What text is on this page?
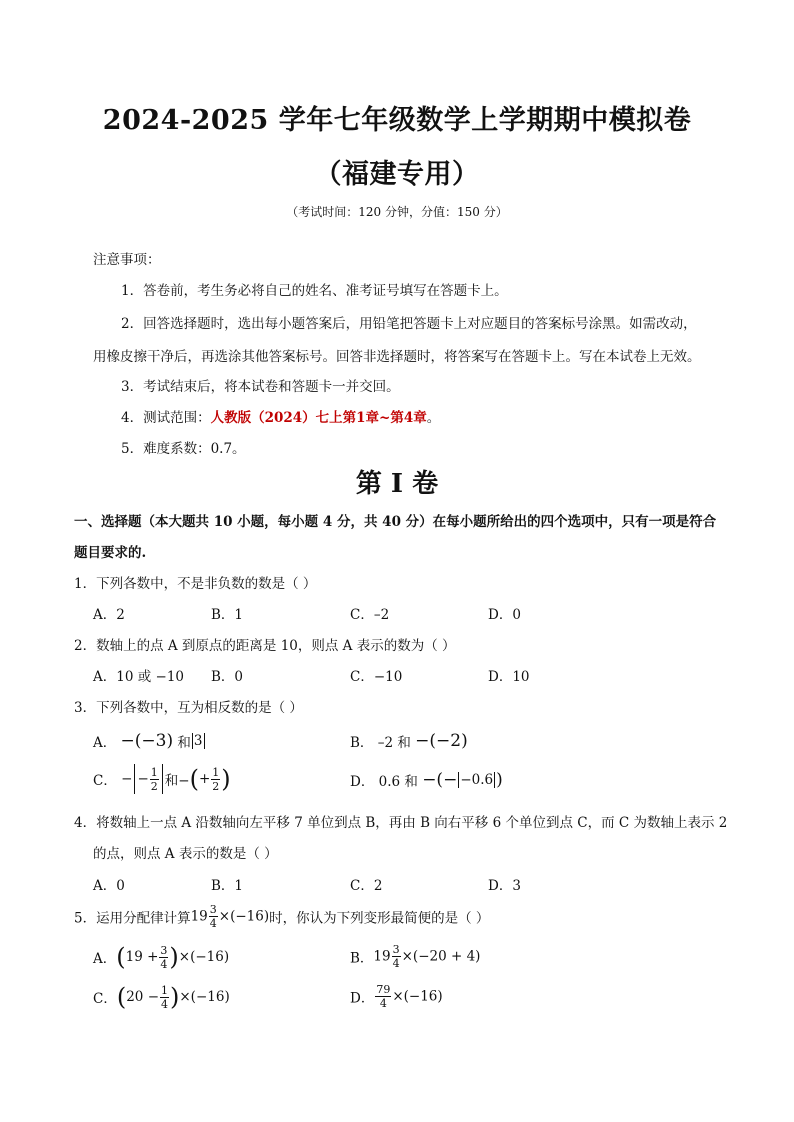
2024-2025 学年七年级数学上学期期中模拟卷
（福建专用）
（考试时间：120 分钟，分值：150 分）
注意事项：
1．答卷前，考生务必将自己的姓名、准考证号填写在答题卡上。
2．回答选择题时，选出每小题答案后，用铅笔把答题卡上对应题目的答案标号涂黑。如需改动，
用橡皮擦干净后，再选涂其他答案标号。回答非选择题时，将答案写在答题卡上。写在本试卷上无效。
3．考试结束后，将本试卷和答题卡一并交回。
4．测试范围：人教版（2024）七上第1章~第4章。
5．难度系数：0.7。
第 I 卷
一、选择题（本大题共 10 小题，每小题 4 分，共 40 分）在每小题所给出的四个选项中，只有一项是符合
题目要求的.
1．下列各数中，不是非负数的数是（ ）
A．2	B．1	C．–2	D．0
2．数轴上的点 A 到原点的距离是 10，则点 A 表示的数为（ ）
A．10 或 −10 B．0	C．−10	D．10
3．下列各数中，互为相反数的是（ ）
A． −(−3) 和 3	B． –2 和 −(−2)
C． − − $\frac{1}{2}$ 和−(+ $\frac{1}{2}$ )	D． 0.6 和 −(− −0.6 )
4．将数轴上一点 A 沿数轴向左平移 7 单位到点 B，再由 B 向右平移 6 个单位到点 C，而 C 为数轴上表示 2
的点，则点 A 表示的数是（ ）
A．0	B．1	C．2	D．3
5．运用分配律计算$19 \frac{3}{4} \times(-16)$时，你认为下列变形最简便的是（ ）
A．$(19 + \frac{3}{4} )\times(-16)$	B．$19 \frac{3}{4} \times(-20 + 4)$
C．$(20 - \frac{1}{4} )\times(-16)$	D． $\frac{79}{4} \times(-16)$
